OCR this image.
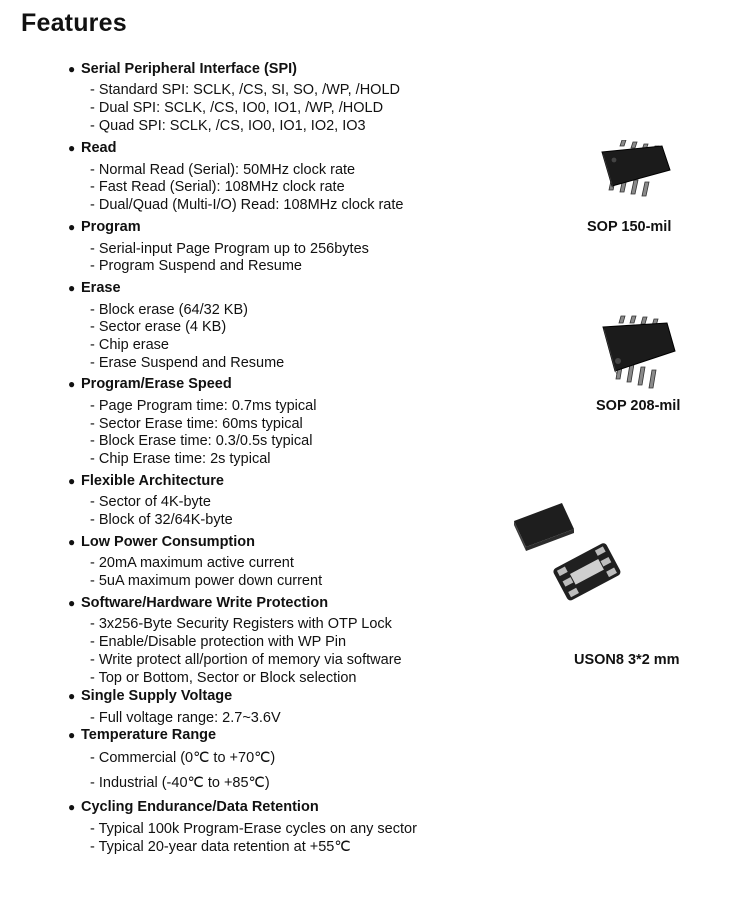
Features
● Serial Peripheral Interface (SPI)
- Standard SPI: SCLK, /CS, SI, SO, /WP, /HOLD
- Dual SPI: SCLK, /CS, IO0, IO1, /WP, /HOLD
- Quad SPI: SCLK, /CS, IO0, IO1, IO2, IO3
● Read
- Normal Read (Serial): 50MHz clock rate
- Fast Read (Serial): 108MHz clock rate
- Dual/Quad (Multi-I/O) Read: 108MHz clock rate
● Program
- Serial-input Page Program up to 256bytes
- Program Suspend and Resume
● Erase
- Block erase (64/32 KB)
- Sector erase (4 KB)
- Chip erase
- Erase Suspend and Resume
● Program/Erase Speed
- Page Program time: 0.7ms typical
- Sector Erase time: 60ms typical
- Block Erase time: 0.3/0.5s typical
- Chip Erase time: 2s typical
● Flexible Architecture
- Sector of 4K-byte
- Block of 32/64K-byte
● Low Power Consumption
- 20mA maximum active current
- 5uA maximum power down current
● Software/Hardware Write Protection
- 3x256-Byte Security Registers with OTP Lock
- Enable/Disable protection with WP Pin
- Write protect all/portion of memory via software
- Top or Bottom, Sector or Block selection
● Single Supply Voltage
- Full voltage range: 2.7~3.6V
● Temperature Range
- Commercial (0℃ to +70℃)
- Industrial (-40℃ to +85℃)
● Cycling Endurance/Data Retention
- Typical 100k Program-Erase cycles on any sector
- Typical 20-year data retention at +55℃
SOP 150-mil
SOP 208-mil
USON8 3*2 mm
